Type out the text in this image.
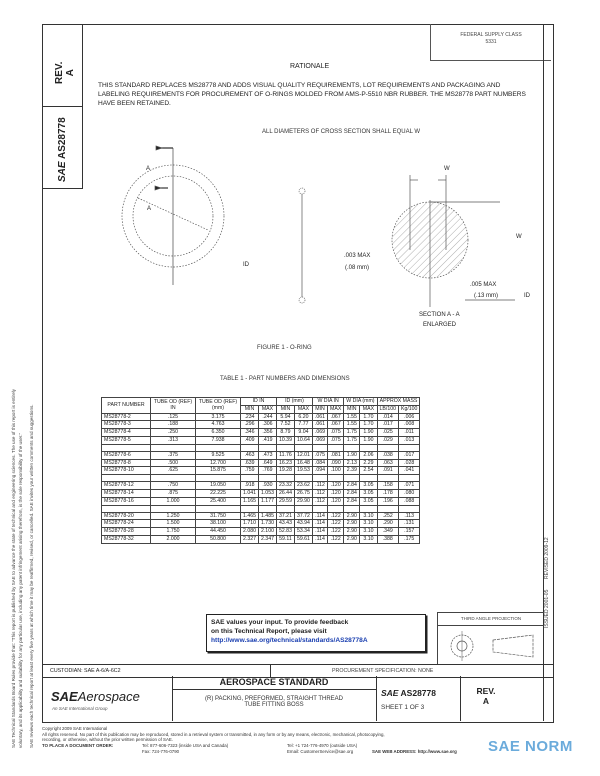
SAE Technical Standards Board Rules provide that: "This report is published by SAE to advance the state of technical and engineering sciences. The use of this report is entirely voluntary, and its applicability and suitability for any particular use, including any patent infringement arising therefrom, is the sole responsibility of the user." SAE reviews each technical report at least every five years at which time it may be reaffirmed, revised, or cancelled. SAE invites your written comments and suggestions.
REV. A
SAE AS28778
FEDERAL SUPPLY CLASS
5331
ISSUED 2001-05
REVISED 2009-12
RATIONALE
THIS STANDARD REPLACES MS28778 AND ADDS VISUAL QUALITY REQUIREMENTS, LOT REQUIREMENTS AND PACKAGING AND LABELING REQUIREMENTS FOR PROCUREMENT OF O-RINGS MOLDED FROM AMS-P-5510 NBR RUBBER. THE MS28778 PART NUMBERS HAVE BEEN RETAINED.
ALL DIAMETERS OF CROSS SECTION SHALL EQUAL W
A
A
ID
W
W
ID
.003 MAX
(.08 mm)
.005 MAX
(.13 mm)
SECTION A - A
ENLARGED
FIGURE 1 - O-RING
TABLE 1 - PART NUMBERS AND DIMENSIONS
PART NUMBER	TUBE OD (REF) IN	TUBE OD (REF) (mm)	ID IN		ID (mm)		W DIA IN		W DIA (mm)		APPROX MASS	
			MIN	MAX	MIN	MAX	MIN	MAX	MIN	MAX	LB/100	Kg/100
MS28778-2	.125	3.175	.234	.244	5.94	6.20	.061	.067	1.55	1.70	.014	.006
MS28778-3	.188	4.763	.296	.306	7.52	7.77	.061	.067	1.55	1.70	.017	.008
MS28778-4	.250	6.350	.346	.356	8.79	9.04	.069	.075	1.75	1.90	.025	.011
MS28778-5	.313	7.938	.409	.419	10.39	10.64	.069	.075	1.75	1.90	.029	.013

MS28778-6	.375	9.525	.463	.473	11.76	12.01	.075	.081	1.90	2.06	.038	.017
MS28778-8	.500	12.700	.639	.649	16.23	16.48	.084	.090	2.13	2.29	.063	.028
MS28778-10	.625	15.875	.759	.769	19.28	19.53	.094	.100	2.39	2.54	.091	.041

MS28778-12	.750	19.050	.918	.930	23.32	23.62	.112	.120	2.84	3.05	.158	.071
MS28778-14	.875	22.225	1.041	1.053	26.44	26.75	.112	.120	2.84	3.05	.178	.080
MS28778-16	1.000	25.400	1.165	1.177	29.59	29.90	.112	.120	2.84	3.05	.196	.088

MS28778-20	1.250	31.750	1.465	1.485	37.21	37.72	.114	.122	2.90	3.10	.252	.113
MS28778-24	1.500	38.100	1.710	1.730	43.43	43.94	.114	.122	2.90	3.10	.290	.131
MS28778-28	1.750	44.450	2.080	2.100	52.83	53.34	.114	.122	2.90	3.10	.349	.157
MS28778-32	2.000	50.800	2.327	2.347	59.11	59.61	.114	.122	2.90	3.10	.388	.175
SAE values your input. To provide feedback
on this Technical Report, please visit
http://www.sae.org/technical/standards/AS28778A
THIRD ANGLE PROJECTION
CUSTODIAN: SAE A-6/A-6C2	PROCUREMENT SPECIFICATION: NONE
SAEAerospace
An SAE International Group
AEROSPACE STANDARD
(R) PACKING, PREFORMED, STRAIGHT THREAD
TUBE FITTING BOSS
SAE AS28778
SHEET 1 OF 3
REV.
A
Copyright 2009 SAE International
All rights reserved. No part of this publication may be reproduced, stored in a retrieval system or transmitted, in any form or by any means, electronic, mechanical, photocopying,
recording, or otherwise, without the prior written permission of SAE.
TO PLACE A DOCUMENT ORDER:	Tel: 877-606-7323 (inside USA and Canada)
Fax: 724-776-0790
Tel: +1 724-776-4970 (outside USA)
Email: CustomerService@sae.org	SAE WEB ADDRESS: http://www.sae.org SAE NORM
